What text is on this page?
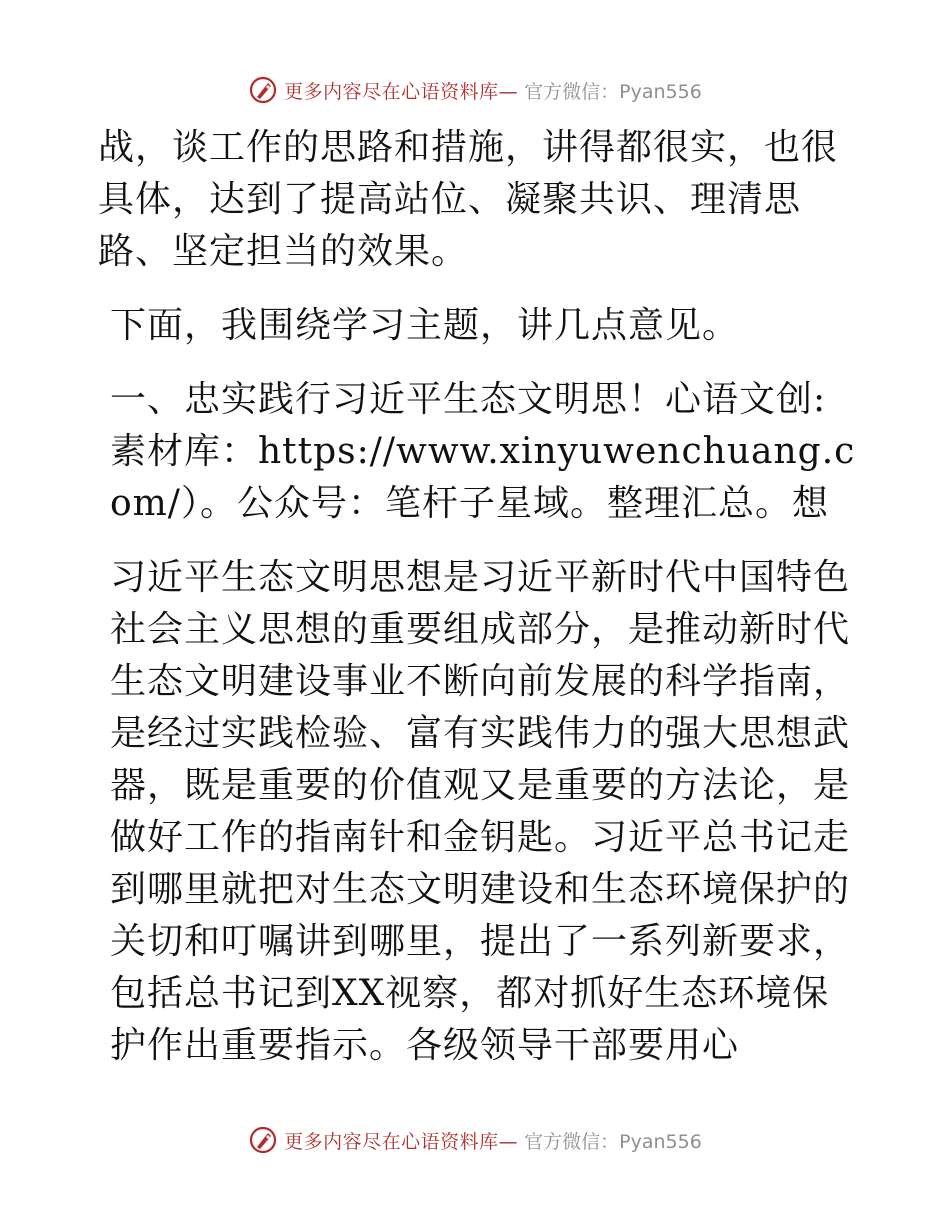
更多内容尽在心语资料库— 官方微信：Pyan556

战，谈工作的思路和措施，讲得都很实，也很具体，达到了提高站位、凝聚共识、理清思路、坚定担当的效果。

下面，我围绕学习主题，讲几点意见。

一、忠实践行习近平生态文明思！心语文创:素材库：https://www.xinyuwenchuang.com/）。公众号：笔杆子星域。整理汇总。想

习近平生态文明思想是习近平新时代中国特色社会主义思想的重要组成部分，是推动新时代生态文明建设事业不断向前发展的科学指南，是经过实践检验、富有实践伟力的强大思想武器，既是重要的价值观又是重要的方法论，是做好工作的指南针和金钥匙。习近平总书记走到哪里就把对生态文明建设和生态环境保护的关切和叮嘱讲到哪里，提出了一系列新要求，包括总书记到XX视察，都对抓好生态环境保护作出重要指示。各级领导干部要用心

更多内容尽在心语资料库— 官方微信：Pyan556
